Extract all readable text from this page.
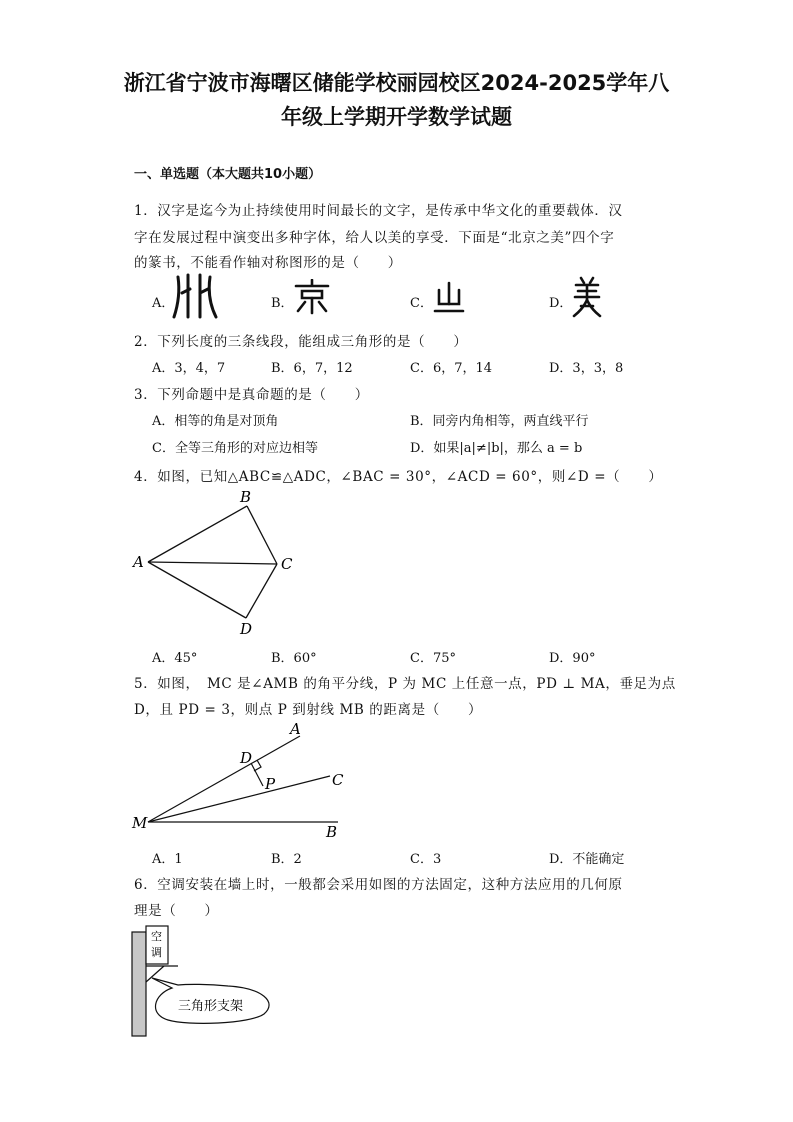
浙江省宁波市海曙区储能学校丽园校区2024-2025学年八
年级上学期开学数学试题
一、单选题（本大题共10小题）
1．汉字是迄今为止持续使用时间最长的文字，是传承中华文化的重要载体．汉
字在发展过程中演变出多种字体，给人以美的享受．下面是“北京之美”四个字
的篆书，不能看作轴对称图形的是（　　）
A．	B．	C．	D．
2．下列长度的三条线段，能组成三角形的是（　　）
A．3，4，7	B．6，7，12	C．6，7，14	D．3，3，8
3．下列命题中是真命题的是（　　）
A．相等的角是对顶角	B．同旁内角相等，两直线平行
C．全等三角形的对应边相等	D．如果|a|≠|b|，那么 a = b
4．如图，已知△ABC≌△ADC，∠BAC = 30°，∠ACD = 60°，则∠D =（　　）
A
B
C
D
A．45°	B．60°	C．75°	D．90°
5．如图，　MC 是∠AMB 的角平分线，P 为 MC 上任意一点，PD ⊥ MA，垂足为点
D，且 PD = 3，则点 P 到射线 MB 的距离是（　　）
A
D
P	C
M	B
A．1	B．2	C．3	D．不能确定
6．空调安装在墙上时，一般都会采用如图的方法固定，这种方法应用的几何原
理是（　　）
空
调
三角形支架
